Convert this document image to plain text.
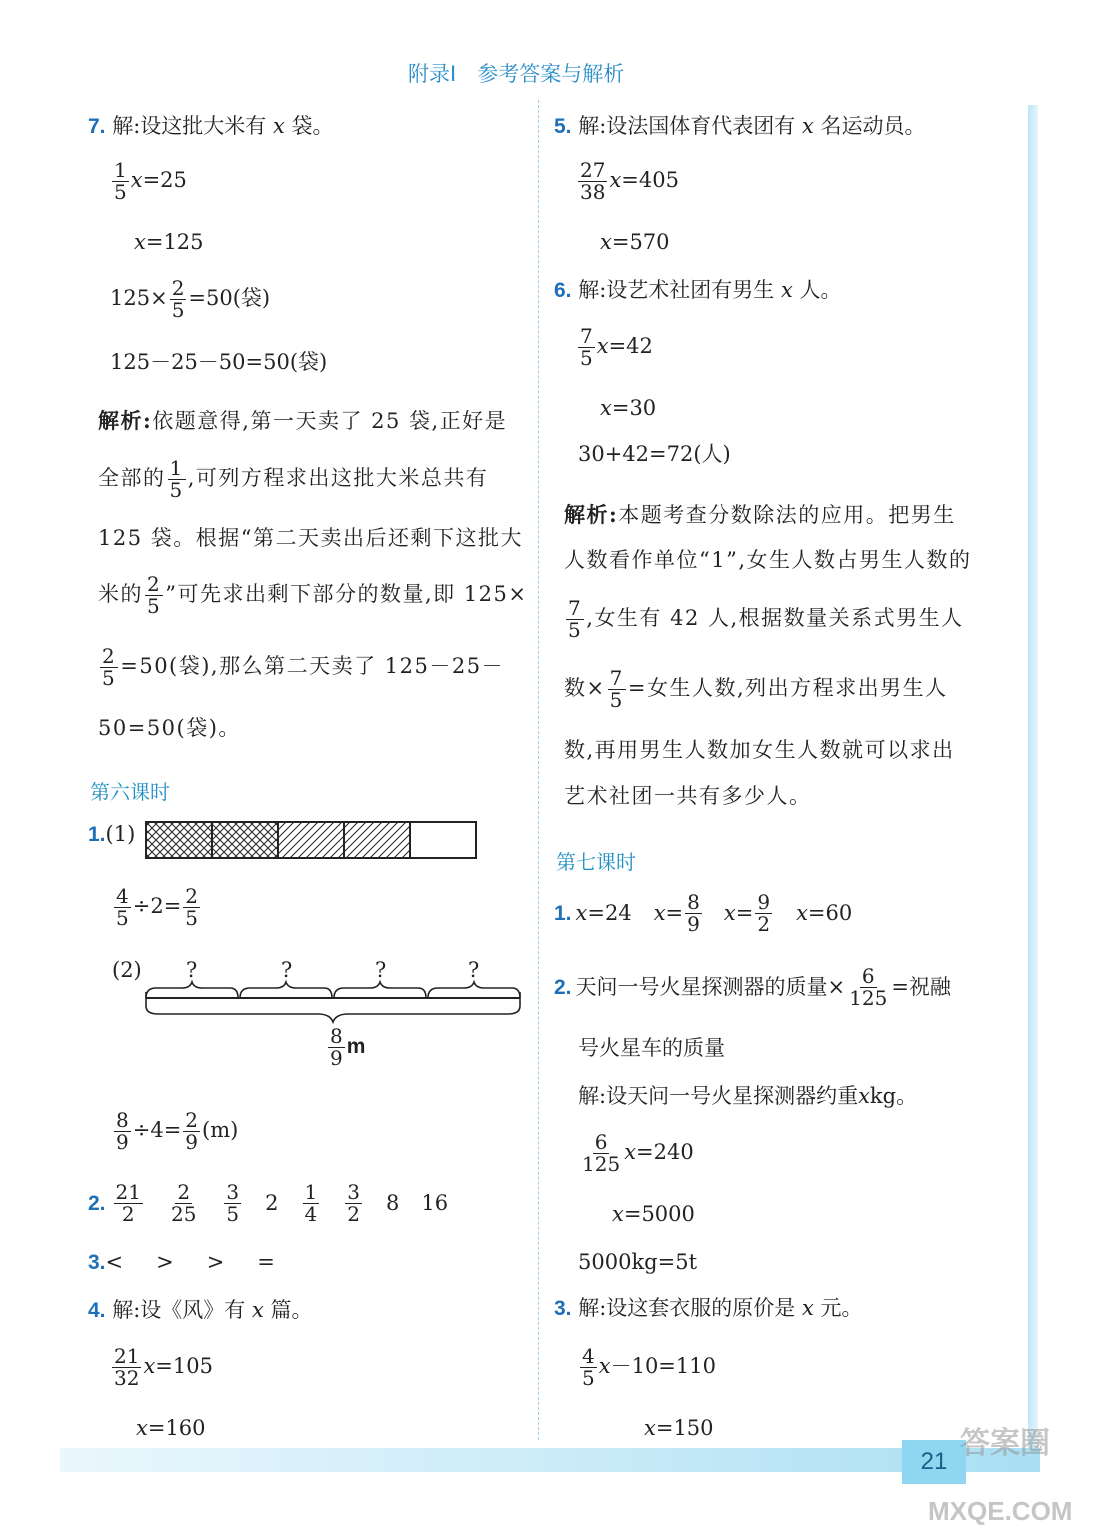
附录Ⅰ　参考答案与解析
7. 解:设这批大米有 x 袋。
$\frac{1}{5} x=25$
x=125
$125\times \frac{2}{5} =50$(袋)
125－25－50=50(袋)
解析:依题意得,第一天卖了 25 袋,正好是
全部的 $\frac{1}{5}$ ,可列方程求出这批大米总共有
125 袋。根据“第二天卖出后还剩下这批大
米的 $\frac{2}{5}$ ”可先求出剩下部分的数量,即 125×
$\frac{2}{5} =50$(袋),那么第二天卖了 125－25－
50=50(袋)。
第六课时
1.(1)
$\frac{4}{5} \div 2= \frac{2}{5}$
(2) ?	?	?	?
$\frac{8}{9}$ m
$\frac{8}{9} \div 4= \frac{2}{9} (m)$
2. $\frac{21}{2} \frac{2}{25} \frac{3}{5} 2 \frac{1}{4} \frac{3}{2} 8$ 16
3.<　>　>　=
4. 解:设《风》有 x 篇。
$\frac{21}{32} x=105$
x=160
5. 解:设法国体育代表团有 x 名运动员。
$\frac{27}{38} x=405$
x=570
6. 解:设艺术社团有男生 x 人。
$\frac{7}{5} x=42$
x=30
30+42=72(人)
解析:本题考查分数除法的应用。把男生
人数看作单位“1”,女生人数占男生人数的
$\frac{7}{5}$ ,女生有 42 人,根据数量关系式男生人
数× $\frac{7}{5}$ =女生人数,列出方程求出男生人
数,再用男生人数加女生人数就可以求出
艺术社团一共有多少人。
第七课时
1. x =24 $x = \frac{8}{9}$ $x = \frac{9}{2}$ x =60
2. 天问一号火星探测器的质量× $\frac{6}{125}$ =祝融
号火星车的质量
解:设天问一号火星探测器约重xkg。
$\frac{6}{125} x=240$
x=5000
5000kg=5t
3. 解:设这套衣服的原价是 x 元。
$\frac{4}{5} x-10=110$
x=150
21
答案圈
MXQE.COM
